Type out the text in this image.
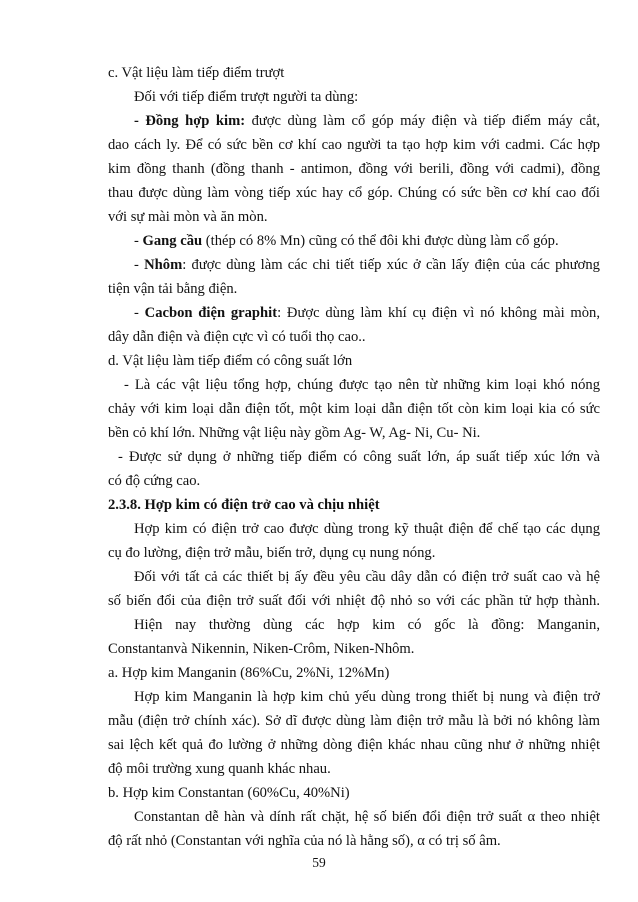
c. Vật liệu làm tiếp điểm trượt
Đối với tiếp điểm trượt người ta dùng:
- Đồng hợp kim: được dùng làm cổ góp máy điện và tiếp điểm máy cắt,
dao cách ly. Để có sức bền cơ khí cao người ta tạo hợp kim với cadmi. Các hợp
kim đồng thanh (đồng thanh - antimon, đồng với berili, đồng với cadmi), đồng
thau được dùng làm vòng tiếp xúc hay cổ góp. Chúng có sức bền cơ khí cao đối
với sự mài mòn và ăn mòn.
- Gang cầu (thép có 8% Mn) cũng có thể đôi khi được dùng làm cổ góp.
- Nhôm: được dùng làm các chi tiết tiếp xúc ở cần lấy điện của các phương
tiện vận tải bằng điện.
- Cacbon điện graphit: Được dùng làm khí cụ điện vì nó không mài mòn,
dây dẫn điện và điện cực vì có tuổi thọ cao..
d. Vật liệu làm tiếp điểm có công suất lớn
- Là các vật liệu tổng hợp, chúng được tạo nên từ những kim loại khó nóng
chảy với kim loại dẫn điện tốt, một kim loại dẫn điện tốt còn kim loại kia có sức
bền cỏ khí lớn. Những vật liệu này gồm Ag- W, Ag- Ni, Cu- Ni.
- Được sử dụng ở những tiếp điểm có công suất lớn, áp suất tiếp xúc lớn và
có độ cứng cao.
2.3.8. Hợp kim có điện trở cao và chịu nhiệt
Hợp kim có điện trở cao được dùng trong kỹ thuật điện để chế tạo các dụng
cụ đo lường, điện trở mẫu, biến trở, dụng cụ nung nóng.
Đối với tất cả các thiết bị ấy đều yêu cầu dây dẫn có điện trở suất cao và hệ
số biến đổi của điện trở suất đối với nhiệt độ nhỏ so với các phần tử hợp thành.
Hiện nay thường dùng các hợp kim có gốc là đồng: Manganin,
Constantanvà Nikennin, Niken-Crôm, Niken-Nhôm.
a. Hợp kim Manganin (86%Cu, 2%Ni, 12%Mn)
Hợp kim Manganin là hợp kim chủ yếu dùng trong thiết bị nung và điện trở
mẫu (điện trở chính xác). Sở dĩ được dùng làm điện trở mẫu là bởi nó không làm
sai lệch kết quả đo lường ở những dòng điện khác nhau cũng như ở những nhiệt
độ môi trường xung quanh khác nhau.
b. Hợp kim Constantan (60%Cu, 40%Ni)
Constantan dễ hàn và dính rất chặt, hệ số biến đổi điện trở suất α theo nhiệt
độ rất nhỏ (Constantan với nghĩa của nó là hằng số), α có trị số âm.
59
